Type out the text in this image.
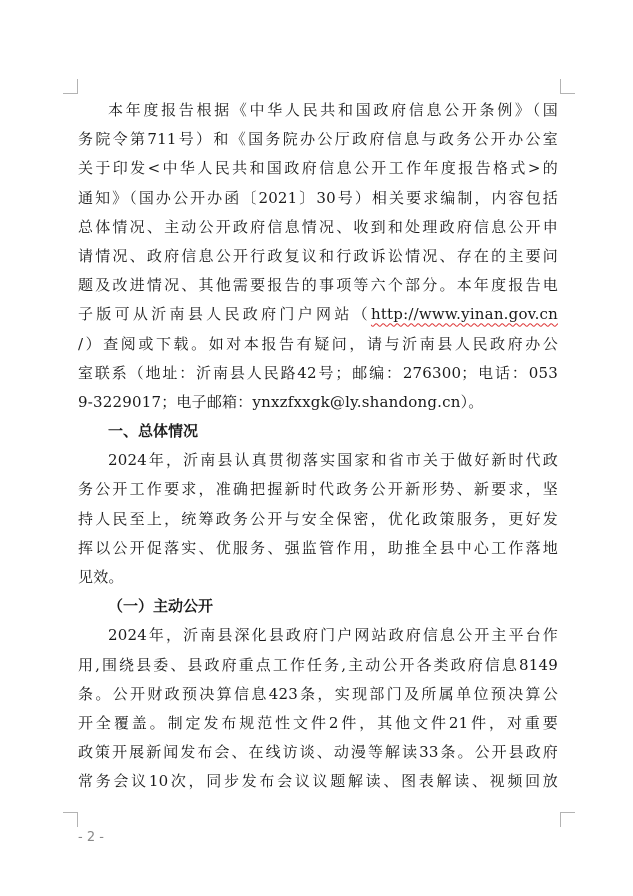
本年度报告根据《中华人民共和国政府信息公开条例》（国
务院令第711号）和《国务院办公厅政府信息与政务公开办公室
关于印发<中华人民共和国政府信息公开工作年度报告格式>的
通知》（国办公开办函〔2021〕30号）相关要求编制，内容包括
总体情况、主动公开政府信息情况、收到和处理政府信息公开申
请情况、政府信息公开行政复议和行政诉讼情况、存在的主要问
题及改进情况、其他需要报告的事项等六个部分。本年度报告电
子版可从沂南县人民政府门户网站（http://www.yinan.gov.cn
/）查阅或下载。如对本报告有疑问，请与沂南县人民政府办公
室联系（地址：沂南县人民路42号；邮编：276300；电话：053
9-3229017；电子邮箱：ynxzfxxgk@ly.shandong.cn）。
一、总体情况
2024年，沂南县认真贯彻落实国家和省市关于做好新时代政
务公开工作要求，准确把握新时代政务公开新形势、新要求，坚
持人民至上，统筹政务公开与安全保密，优化政策服务，更好发
挥以公开促落实、优服务、强监管作用，助推全县中心工作落地
见效。
（一）主动公开
2024年，沂南县深化县政府门户网站政府信息公开主平台作
用,围绕县委、县政府重点工作任务,主动公开各类政府信息8149
条。公开财政预决算信息423条，实现部门及所属单位预决算公
开全覆盖。制定发布规范性文件2件，其他文件21件，对重要
政策开展新闻发布会、在线访谈、动漫等解读33条。公开县政府
常务会议10次，同步发布会议议题解读、图表解读、视频回放
- 2 -
